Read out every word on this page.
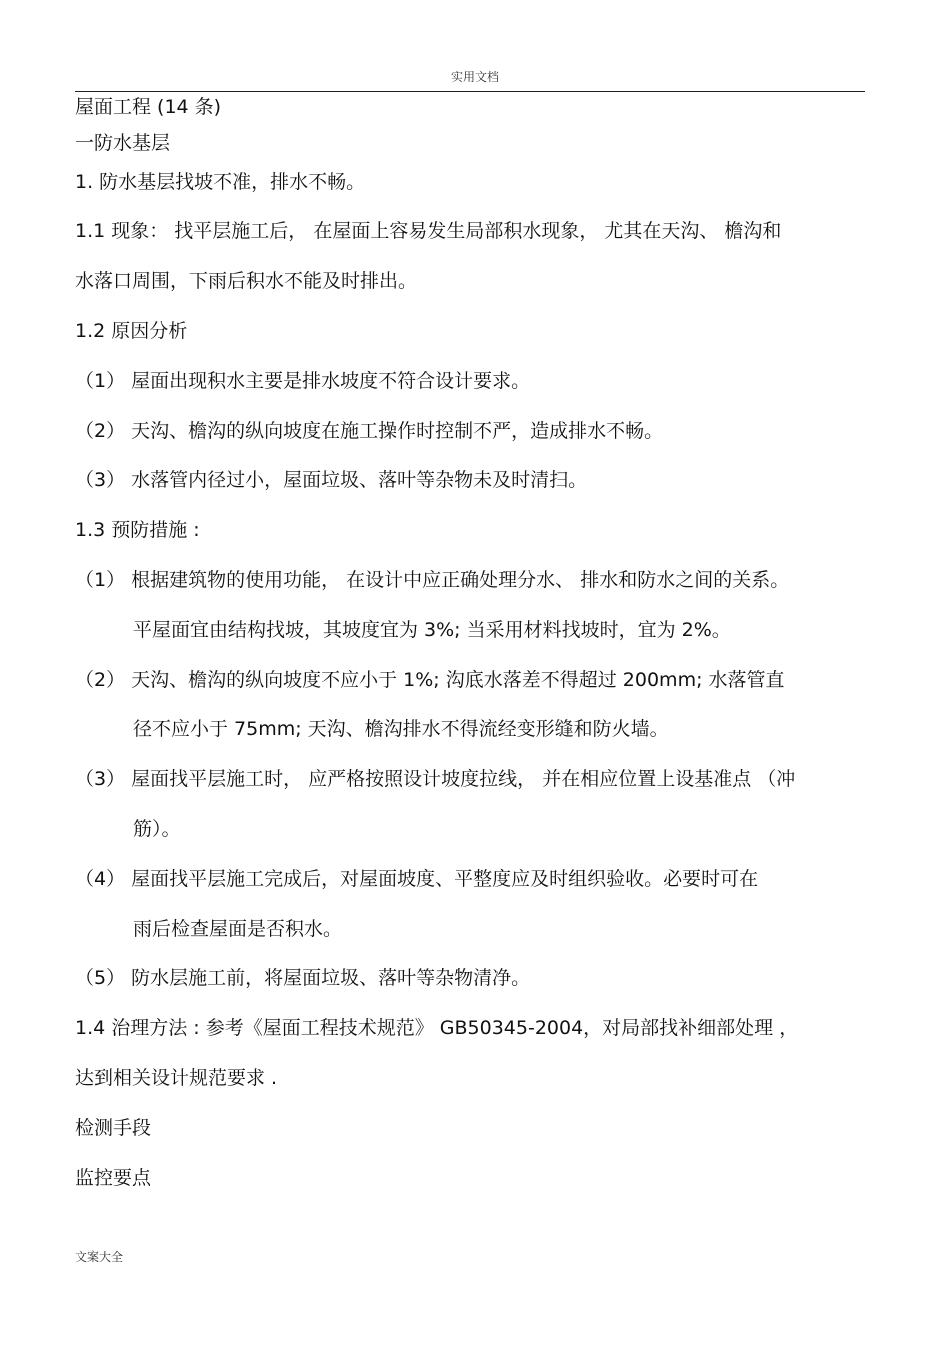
实用文档
屋面工程 (14 条)
一防水基层
1. 防水基层找坡不准，排水不畅。
1.1 现象： 找平层施工后， 在屋面上容易发生局部积水现象， 尤其在天沟、 檐沟和
水落口周围，下雨后积水不能及时排出。
1.2 原因分析
（1） 屋面出现积水主要是排水坡度不符合设计要求。
（2） 天沟、檐沟的纵向坡度在施工操作时控制不严，造成排水不畅。
（3） 水落管内径过小，屋面垃圾、落叶等杂物未及时清扫。
1.3 预防措施 :
（1） 根据建筑物的使用功能， 在设计中应正确处理分水、 排水和防水之间的关系。
平屋面宜由结构找坡，其坡度宜为 3%; 当采用材料找坡时，宜为 2%。
（2） 天沟、檐沟的纵向坡度不应小于 1%; 沟底水落差不得超过 200mm; 水落管直
径不应小于 75mm; 天沟、檐沟排水不得流经变形缝和防火墙。
（3） 屋面找平层施工时， 应严格按照设计坡度拉线， 并在相应位置上设基准点 （冲
筋）。
（4） 屋面找平层施工完成后，对屋面坡度、平整度应及时组织验收。必要时可在
雨后检查屋面是否积水。
（5） 防水层施工前，将屋面垃圾、落叶等杂物清净。
1.4 治理方法 : 参考《屋面工程技术规范》 GB50345-2004，对局部找补细部处理 ，
达到相关设计规范要求 .
检测手段
监控要点
文案大全
